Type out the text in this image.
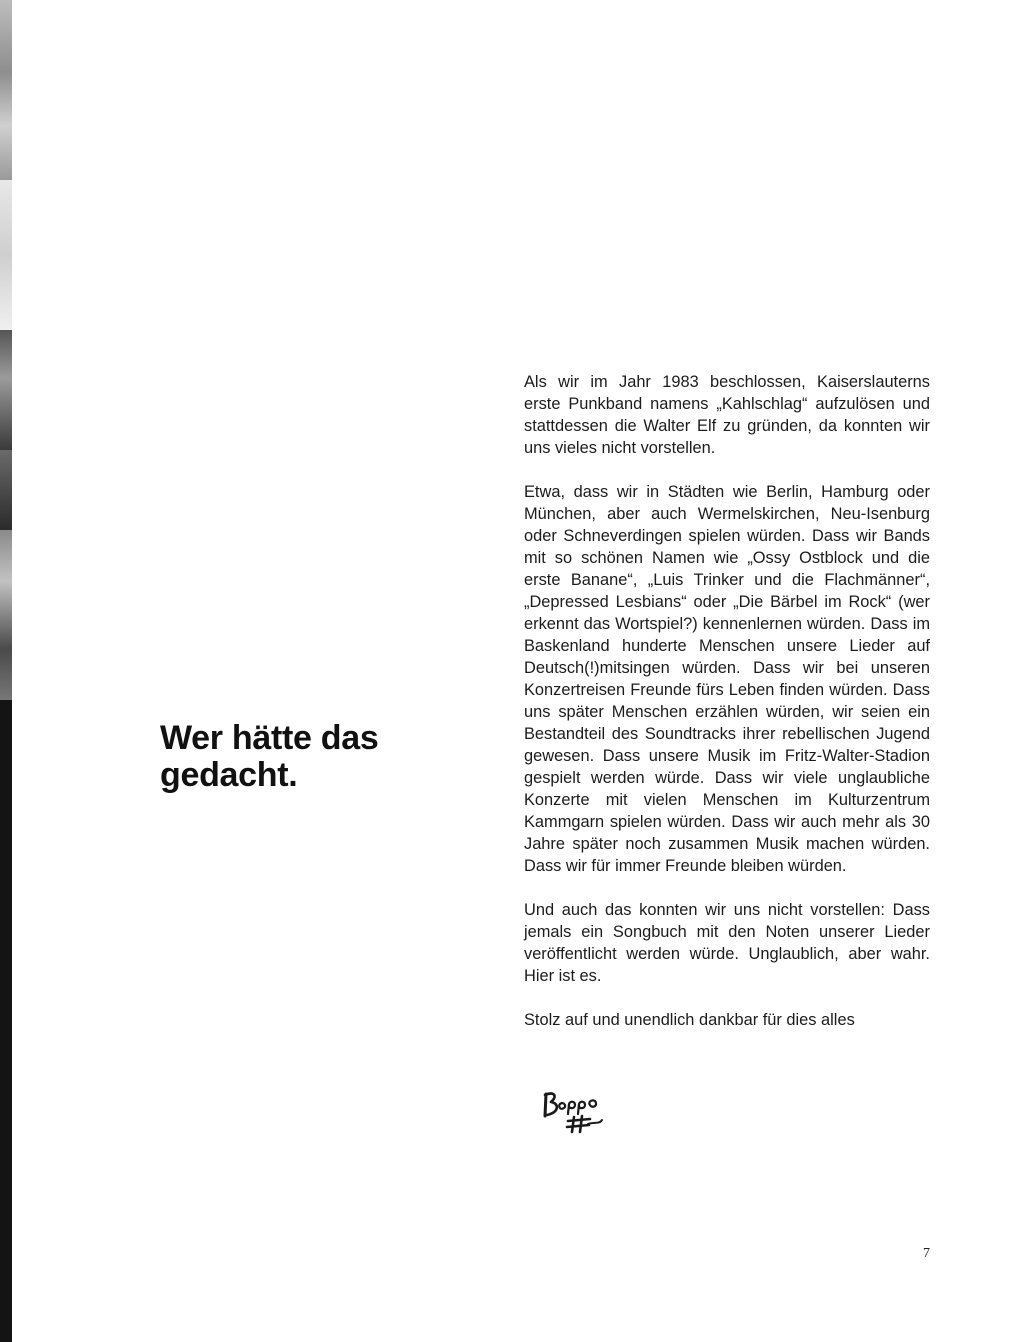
Wer hätte das gedacht.

Als wir im Jahr 1983 beschlossen, Kaiserslauterns erste Punkband namens „Kahlschlag“ aufzulösen und stattdessen die Walter Elf zu gründen, da konnten wir uns vieles nicht vorstellen.

Etwa, dass wir in Städten wie Berlin, Hamburg oder München, aber auch Wermelskirchen, Neu-Isenburg oder Schneverdingen spielen würden. Dass wir Bands mit so schönen Namen wie „Ossy Ostblock und die erste Banane“, „Luis Trinker und die Flachmänner“, „Depressed Lesbians“ oder „Die Bärbel im Rock“ (wer erkennt das Wortspiel?) kennenlernen würden. Dass im Baskenland hunderte Menschen unsere Lieder auf Deutsch(!)mitsingen würden. Dass wir bei unseren Konzertreisen Freunde fürs Leben finden würden. Dass uns später Menschen erzählen würden, wir seien ein Bestandteil des Soundtracks ihrer rebellischen Jugend gewesen. Dass unsere Musik im Fritz-Walter-Stadion gespielt werden würde. Dass wir viele unglaubliche Konzerte mit vielen Menschen im Kulturzentrum Kammgarn spielen würden. Dass wir auch mehr als 30 Jahre später noch zusammen Musik machen würden. Dass wir für immer Freunde bleiben würden.

Und auch das konnten wir uns nicht vorstellen: Dass jemals ein Songbuch mit den Noten unserer Lieder veröffentlicht werden würde. Unglaublich, aber wahr. Hier ist es.

Stolz auf und unendlich dankbar für dies alles

7
